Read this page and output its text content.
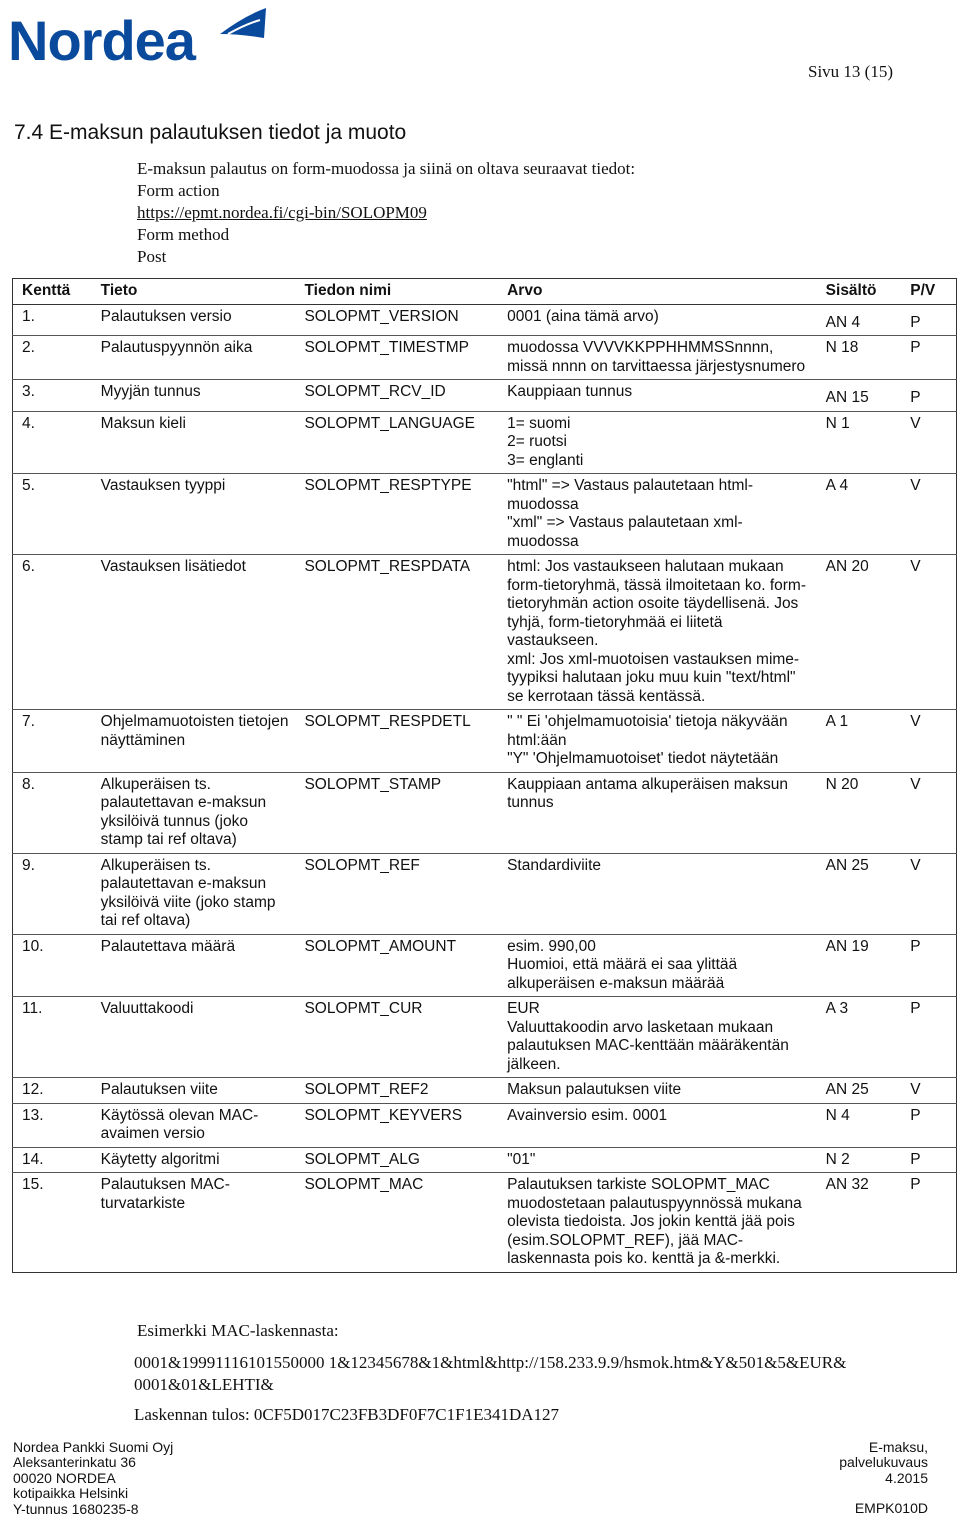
Nordea	Sivu 13 (15)
7.4 E-maksun palautuksen tiedot ja muoto
E-maksun palautus on form-muodossa ja siinä on oltava seuraavat tiedot:
Form action
https://epmt.nordea.fi/cgi-bin/SOLOPM09
Form method
Post
Kenttä	Tieto	Tiedon nimi	Arvo	Sisältö	P/V
1.	Palautuksen versio	SOLOPMT_VERSION	0001 (aina tämä arvo)	AN 4	P
2.	Palautuspyynnön aika	SOLOPMT_TIMESTMP	muodossa VVVVKKPPHHMMSSnnnn, missä nnnn on tarvittaessa järjestysnumero	N 18	P
3.	Myyjän tunnus	SOLOPMT_RCV_ID	Kauppiaan tunnus	AN 15	P
4.	Maksun kieli	SOLOPMT_LANGUAGE	1= suomi
2= ruotsi
3= englanti	N 1	V
5.	Vastauksen tyyppi	SOLOPMT_RESPTYPE	"html" => Vastaus palautetaan html-muodossa
"xml" => Vastaus palautetaan xml-muodossa	A 4	V
6.	Vastauksen lisätiedot	SOLOPMT_RESPDATA	html: Jos vastaukseen halutaan mukaan form-tietoryhmä, tässä ilmoitetaan ko. form-tietoryhmän action osoite täydellisenä. Jos tyhjä, form-tietoryhmää ei liitetä vastaukseen.
xml: Jos xml-muotoisen vastauksen mime-tyypiksi halutaan joku muu kuin "text/html" se kerrotaan tässä kentässä.	AN 20	V
7.	Ohjelmamuotoisten tietojen näyttäminen	SOLOPMT_RESPDETL	" " Ei 'ohjelmamuotoisia' tietoja näkyvään html:ään
"Y" 'Ohjelmamuotoiset' tiedot näytetään	A 1	V
8.	Alkuperäisen ts. palautettavan e-maksun yksilöivä tunnus (joko stamp tai ref oltava)	SOLOPMT_STAMP	Kauppiaan antama alkuperäisen maksun tunnus	N 20	V
9.	Alkuperäisen ts. palautettavan e-maksun yksilöivä viite (joko stamp tai ref oltava)	SOLOPMT_REF	Standardiviite	AN 25	V
10.	Palautettava määrä	SOLOPMT_AMOUNT	esim. 990,00
Huomioi, että määrä ei saa ylittää alkuperäisen e-maksun määrää	AN 19	P
11.	Valuuttakoodi	SOLOPMT_CUR	EUR
Valuuttakoodin arvo lasketaan mukaan palautuksen MAC-kenttään määräkentän jälkeen.	A 3	P
12.	Palautuksen viite	SOLOPMT_REF2	Maksun palautuksen viite	AN 25	V
13.	Käytössä olevan MAC-avaimen versio	SOLOPMT_KEYVERS	Avainversio esim. 0001	N 4	P
14.	Käytetty algoritmi	SOLOPMT_ALG	"01"	N 2	P
15.	Palautuksen MAC-turvatarkiste	SOLOPMT_MAC	Palautuksen tarkiste SOLOPMT_MAC muodostetaan palautuspyynnössä mukana olevista tiedoista. Jos jokin kenttä jää pois (esim.SOLOPMT_REF), jää MAC-laskennasta pois ko. kenttä ja &-merkki.	AN 32	P
Esimerkki MAC-laskennasta:
0001&19991116101550000 1&12345678&1&html&http://158.233.9.9/hsmok.htm&Y&501&5&EUR& 0001&01&LEHTI&
Laskennan tulos: 0CF5D017C23FB3DF0F7C1F1E341DA127
Nordea Pankki Suomi Oyj
Aleksanterinkatu 36
00020 NORDEA
kotipaikka Helsinki
Y-tunnus 1680235-8
E-maksu,
palvelukuvaus
4.2015
EMPK010D
